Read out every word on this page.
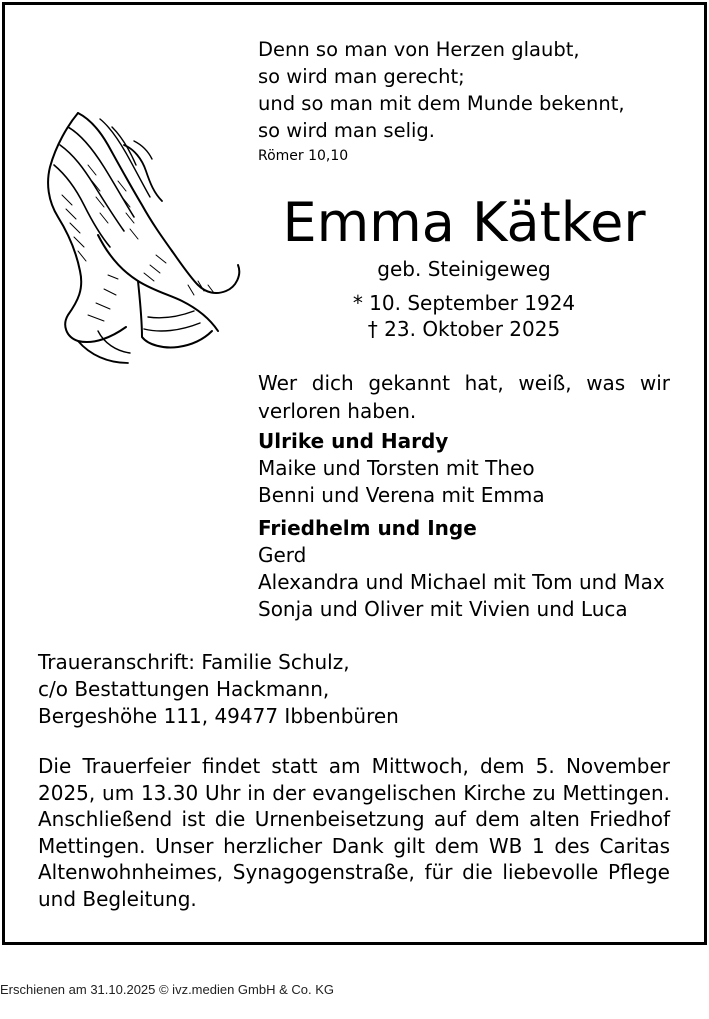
Denn so man von Herzen glaubt,
so wird man gerecht;
und so man mit dem Munde bekennt,
so wird man selig.
Römer 10,10
Emma Kätker
geb. Steinigeweg
* 10. September 1924
† 23. Oktober 2025
Wer dich gekannt hat, weiß, was wir verloren haben.
Ulrike und Hardy
Maike und Torsten mit Theo
Benni und Verena mit Emma
Friedhelm und Inge
Gerd
Alexandra und Michael mit Tom und Max
Sonja und Oliver mit Vivien und Luca
Traueranschrift: Familie Schulz,
c/o Bestattungen Hackmann,
Bergeshöhe 111, 49477 Ibbenbüren
Die Trauerfeier findet statt am Mittwoch, dem 5. November 2025, um 13.30 Uhr in der evangelischen Kirche zu Mettingen. Anschließend ist die Urnenbeisetzung auf dem alten Friedhof Mettingen. Unser herzlicher Dank gilt dem WB 1 des Caritas Altenwohnheimes, Synagogenstraße, für die liebevolle Pflege und Begleitung.
Erschienen am 31.10.2025 © ivz.medien GmbH & Co. KG
